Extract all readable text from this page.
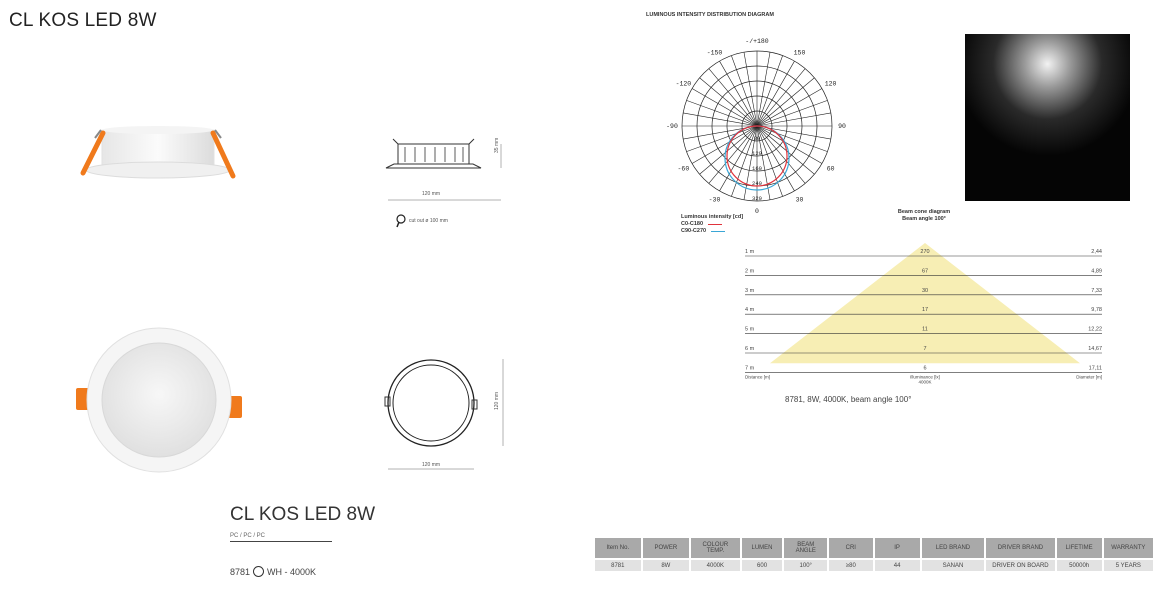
CL KOS LED 8W
120 mm
35 mm
cut out ø 100 mm
120 mm
120 mm
CL KOS LED 8W
PC / PC / PC
8781 WH - 4000K
LUMINOUS INTENSITY DISTRIBUTION DIAGRAM
-/+180
-150	150
-120	120
-90	90
-60	60
-30	30
0
80
120
160
240
320
Luminous intensity [cd]
C0-C180
C90-C270
Beam cone diagram
Beam angle 100°
1 m	270	2,44
2 m	67	4,89
3 m	30	7,33
4 m	17	9,78
5 m	11	12,22
6 m	7	14,67
7 m	6	17,11
Distance [m]	Illuminance [lx]
4000K
Diameter [m]
8781, 8W, 4000K, beam angle 100°
Item No.	POWER	COLOUR TEMP.	LUMEN	BEAM ANGLE	CRI	IP	LED BRAND	DRIVER BRAND	LIFETIME	WARRANTY
8781	8W	4000K	600	100°	≥80	44	SANAN	DRIVER ON BOARD	50000h	5 YEARS
